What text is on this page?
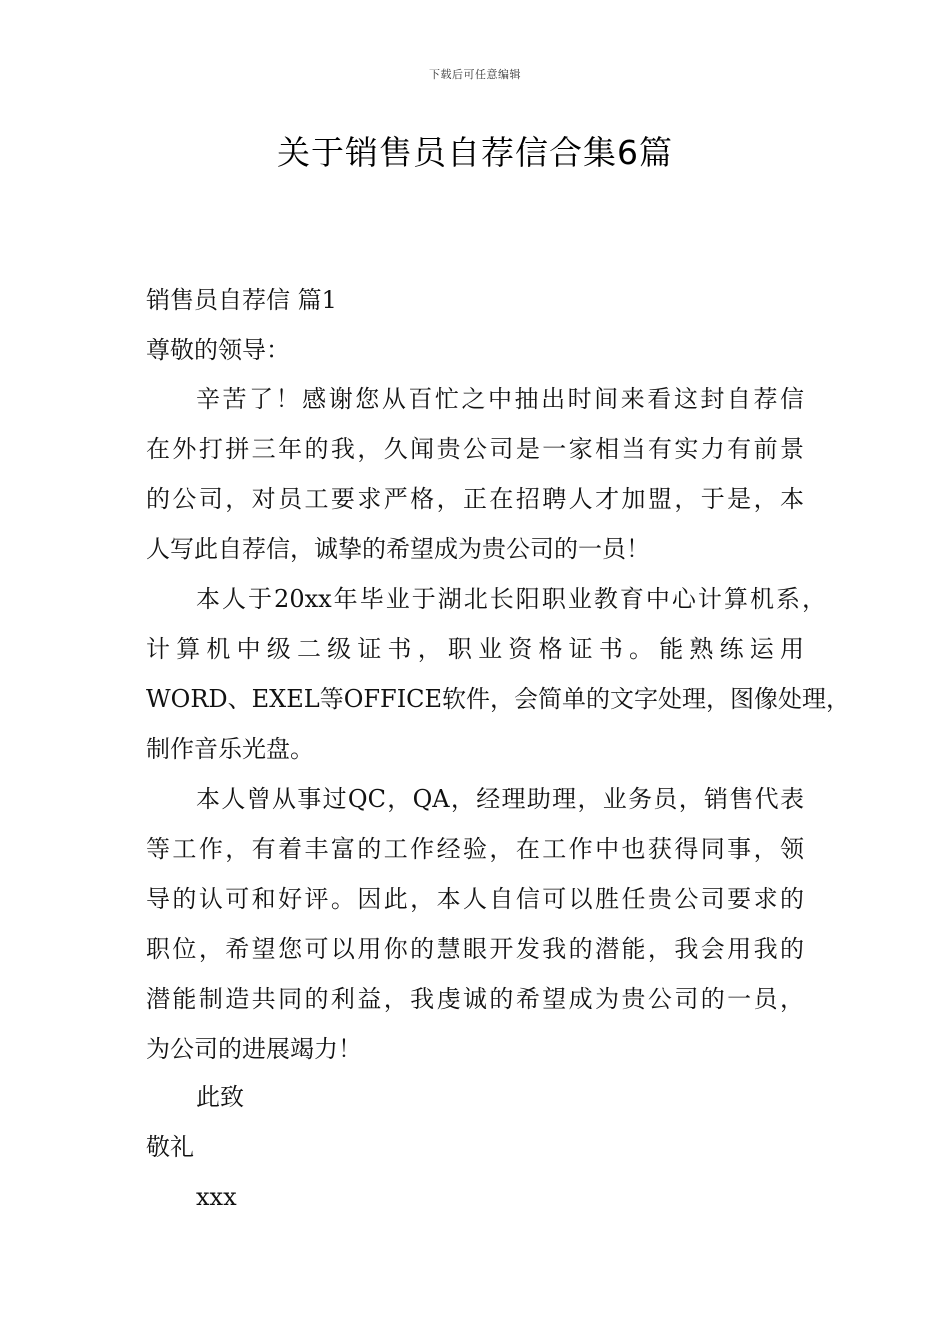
下载后可任意编辑
关于销售员自荐信合集6篇
销售员自荐信 篇1
尊敬的领导：
辛苦了！感谢您从百忙之中抽出时间来看这封自荐信
在外打拼三年的我，久闻贵公司是一家相当有实力有前景
的公司，对员工要求严格，正在招聘人才加盟，于是，本
人写此自荐信，诚挚的希望成为贵公司的一员！
本人于20xx年毕业于湖北长阳职业教育中心计算机系，
计算机中级二级证书，职业资格证书。能熟练运用
WORD、EXEL等OFFICE软件，会简单的文字处理，图像处理，
制作音乐光盘。
本人曾从事过QC，QA，经理助理，业务员，销售代表
等工作，有着丰富的工作经验，在工作中也获得同事，领
导的认可和好评。因此，本人自信可以胜任贵公司要求的
职位，希望您可以用你的慧眼开发我的潜能，我会用我的
潜能制造共同的利益，我虔诚的希望成为贵公司的一员，
为公司的进展竭力！
此致
敬礼
xxx
